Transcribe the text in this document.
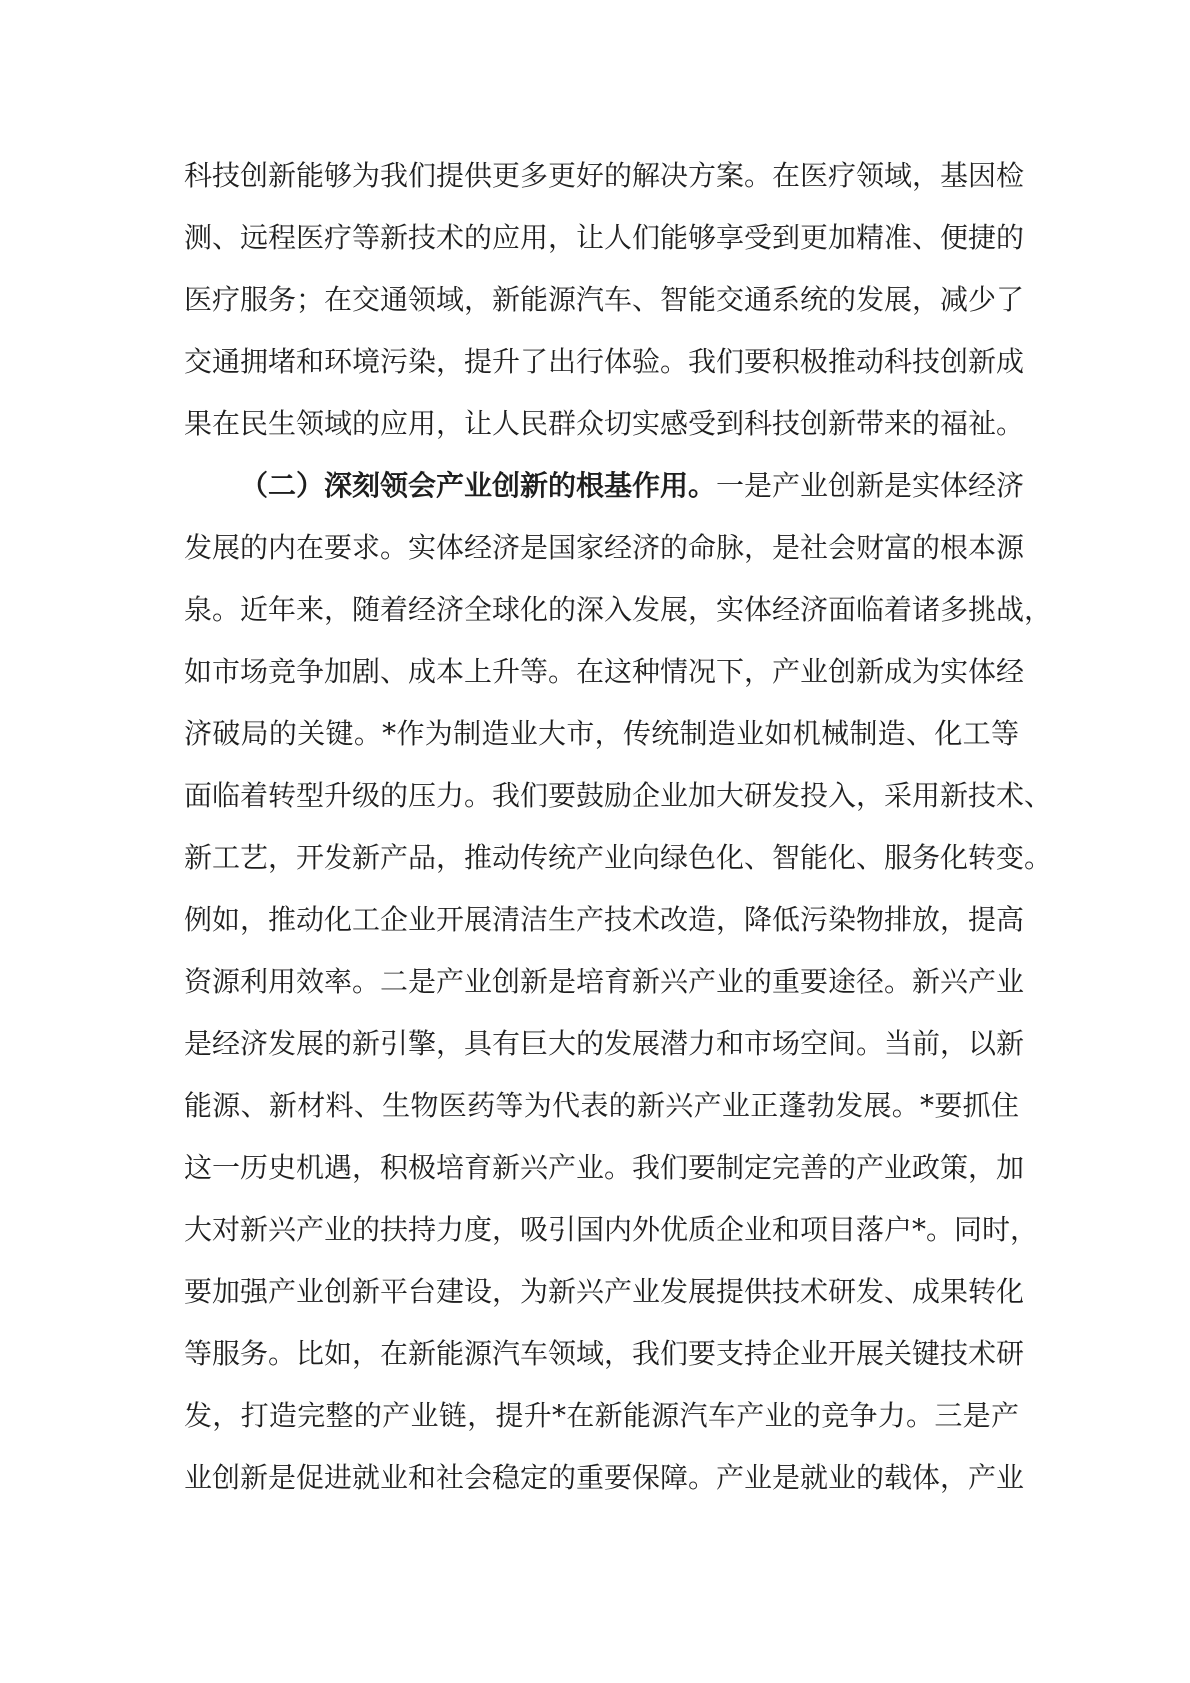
科技创新能够为我们提供更多更好的解决方案。在医疗领域，基因检
测、远程医疗等新技术的应用，让人们能够享受到更加精准、便捷的
医疗服务；在交通领域，新能源汽车、智能交通系统的发展，减少了
交通拥堵和环境污染，提升了出行体验。我们要积极推动科技创新成
果在民生领域的应用，让人民群众切实感受到科技创新带来的福祉。
（二）深刻领会产业创新的根基作用。一是产业创新是实体经济
发展的内在要求。实体经济是国家经济的命脉，是社会财富的根本源
泉。近年来，随着经济全球化的深入发展，实体经济面临着诸多挑战，
如市场竞争加剧、成本上升等。在这种情况下，产业创新成为实体经
济破局的关键。*作为制造业大市，传统制造业如机械制造、化工等
面临着转型升级的压力。我们要鼓励企业加大研发投入，采用新技术、
新工艺，开发新产品，推动传统产业向绿色化、智能化、服务化转变。
例如，推动化工企业开展清洁生产技术改造，降低污染物排放，提高
资源利用效率。二是产业创新是培育新兴产业的重要途径。新兴产业
是经济发展的新引擎，具有巨大的发展潜力和市场空间。当前，以新
能源、新材料、生物医药等为代表的新兴产业正蓬勃发展。*要抓住
这一历史机遇，积极培育新兴产业。我们要制定完善的产业政策，加
大对新兴产业的扶持力度，吸引国内外优质企业和项目落户*。同时，
要加强产业创新平台建设，为新兴产业发展提供技术研发、成果转化
等服务。比如，在新能源汽车领域，我们要支持企业开展关键技术研
发，打造完整的产业链，提升*在新能源汽车产业的竞争力。三是产
业创新是促进就业和社会稳定的重要保障。产业是就业的载体，产业
